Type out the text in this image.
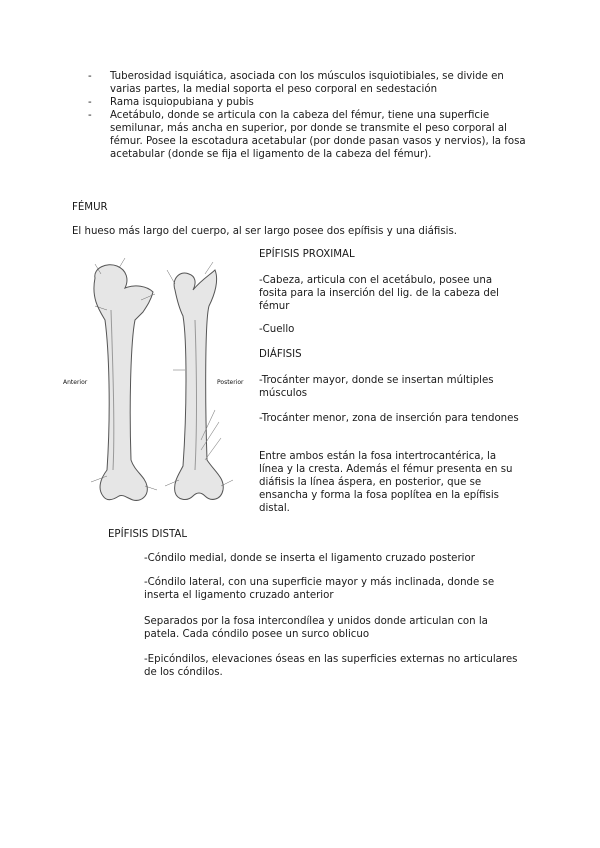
- Tuberosidad isquiática, asociada con los músculos isquiotibiales, se divide en varias partes, la medial soporta el peso corporal en sedestación
- Rama isquiopubiana y pubis
- Acetábulo, donde se articula con la cabeza del fémur, tiene una superficie semilunar, más ancha en superior, por donde se transmite el peso corporal al fémur. Posee la escotadura acetabular (por donde pasan vasos y nervios), la fosa acetabular (donde se fija el ligamento de la cabeza del fémur).
FÉMUR
El hueso más largo del cuerpo, al ser largo posee dos epífisis y una diáfisis.
Anterior	Posterior
EPÍFISIS PROXIMAL
-Cabeza, articula con el acetábulo, posee una fosita para la inserción del lig. de la cabeza del fémur
-Cuello
DIÁFISIS
-Trocánter mayor, donde se insertan múltiples músculos
-Trocánter menor, zona de inserción para tendones
Entre ambos están la fosa intertrocantérica, la línea y la cresta. Además el fémur presenta en su diáfisis la línea áspera, en posterior, que se ensancha y forma la fosa poplítea en la epífisis distal.
EPÍFISIS DISTAL
-Cóndilo medial, donde se inserta el ligamento cruzado posterior
-Cóndilo lateral, con una superficie mayor y más inclinada, donde se inserta el ligamento cruzado anterior
Separados por la fosa intercondílea y unidos donde articulan con la patela. Cada cóndilo posee un surco oblicuo
-Epicóndilos, elevaciones óseas en las superficies externas no articulares de los cóndilos.
